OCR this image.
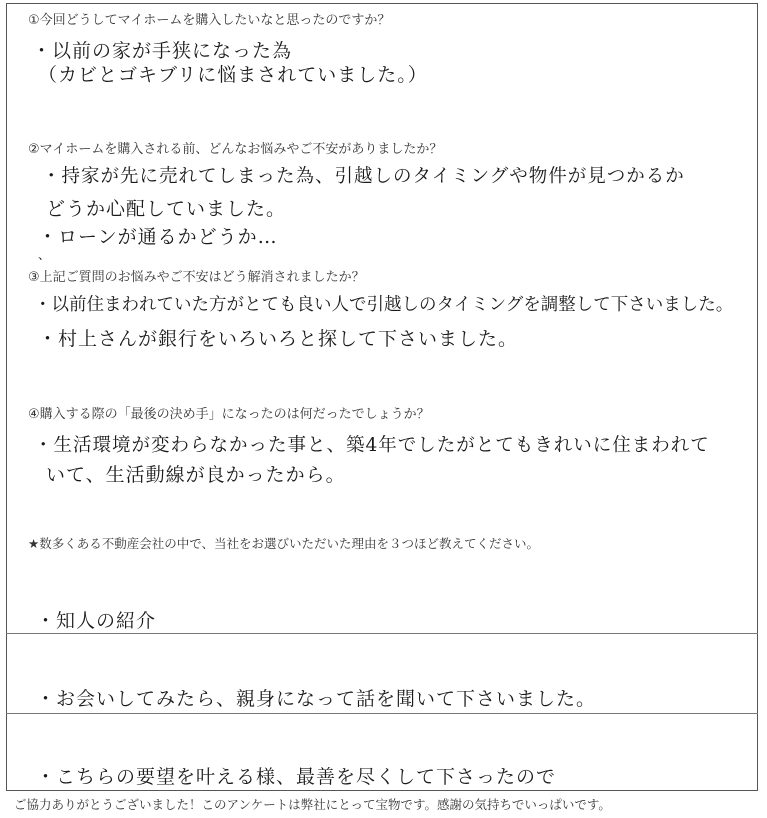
①今回どうしてマイホームを購入したいなと思ったのですか？
・以前の家が手狭になった為
（カビとゴキブリに悩まされていました。）
②マイホームを購入される前、どんなお悩みやご不安がありましたか？
・持家が先に売れてしまった為、引越しのタイミングや物件が見つかるか
どうか心配していました。
・ローンが通るかどうか…
、
③上記ご質問のお悩みやご不安はどう解消されましたか？
・以前住まわれていた方がとても良い人で引越しのタイミングを調整して下さいました。
・村上さんが銀行をいろいろと探して下さいました。
④購入する際の「最後の決め手」になったのは何だったでしょうか？
・生活環境が変わらなかった事と、築4年でしたがとてもきれいに住まわれて
いて、生活動線が良かったから。
★数多くある不動産会社の中で、当社をお選びいただいた理由を３つほど教えてください。
・知人の紹介
・お会いしてみたら、親身になって話を聞いて下さいました。
・こちらの要望を叶える様、最善を尽くして下さったので
ご協力ありがとうございました！このアンケートは弊社にとって宝物です。感謝の気持ちでいっぱいです。
